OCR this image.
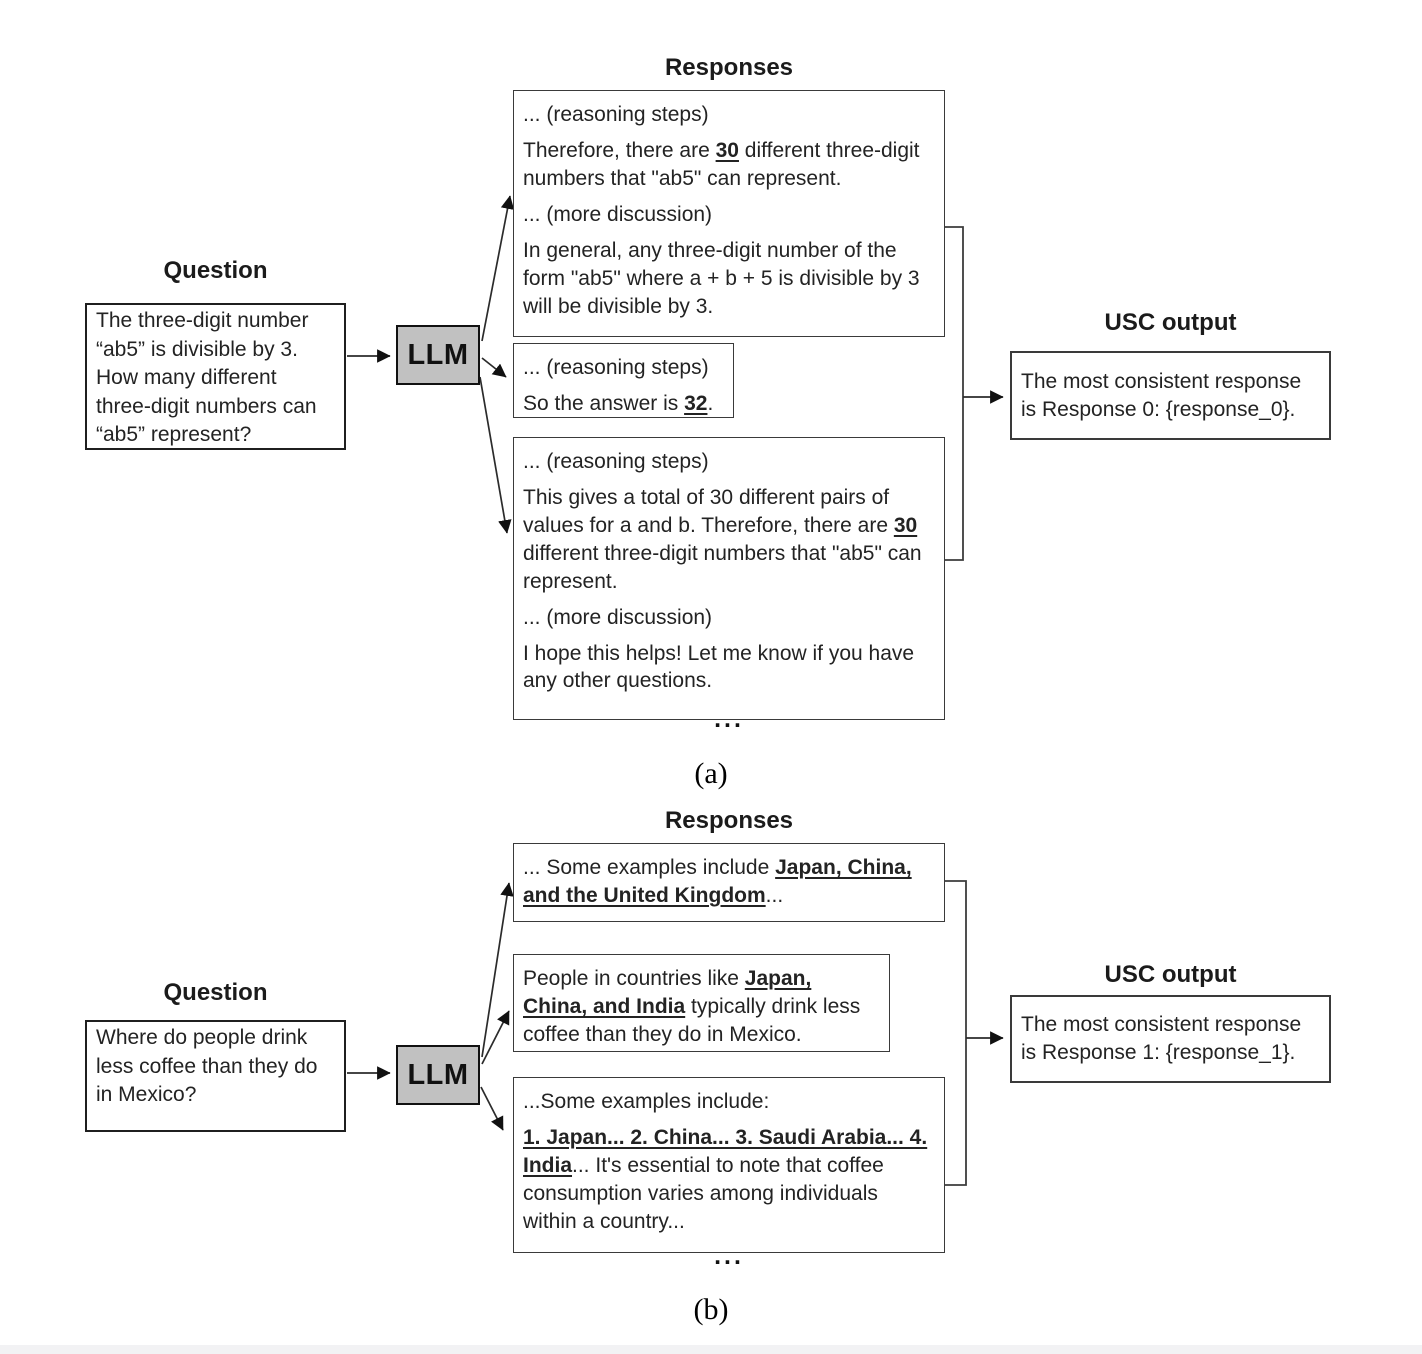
Question
The three-digit number “ab5” is divisible by 3. How many different three-digit numbers can “ab5” represent?
LLM
Responses

... (reasoning steps)

Therefore, there are 30 different three-digit numbers that "ab5" can represent.

... (more discussion)

In general, any three-digit number of the form "ab5" where a + b + 5 is divisible by 3 will be divisible by 3.

... (reasoning steps)

So the answer is 32.

... (reasoning steps)

This gives a total of 30 different pairs of values for a and b. Therefore, there are 30 different three-digit numbers that "ab5" can represent.

... (more discussion)

I hope this helps! Let me know if you have any other questions.

...
USC output
The most consistent response is Response 0: {response_0}.
(a)
Question
Where do people drink less coffee than they do in Mexico?
LLM
Responses

... Some examples include Japan, China, and the United Kingdom...

People in countries like Japan, China, and India typically drink less coffee than they do in Mexico.

...Some examples include:

1. Japan... 2. China... 3. Saudi Arabia... 4. India... It's essential to note that coffee consumption varies among individuals within a country...

...
USC output
The most consistent response is Response 1: {response_1}.
(b)
